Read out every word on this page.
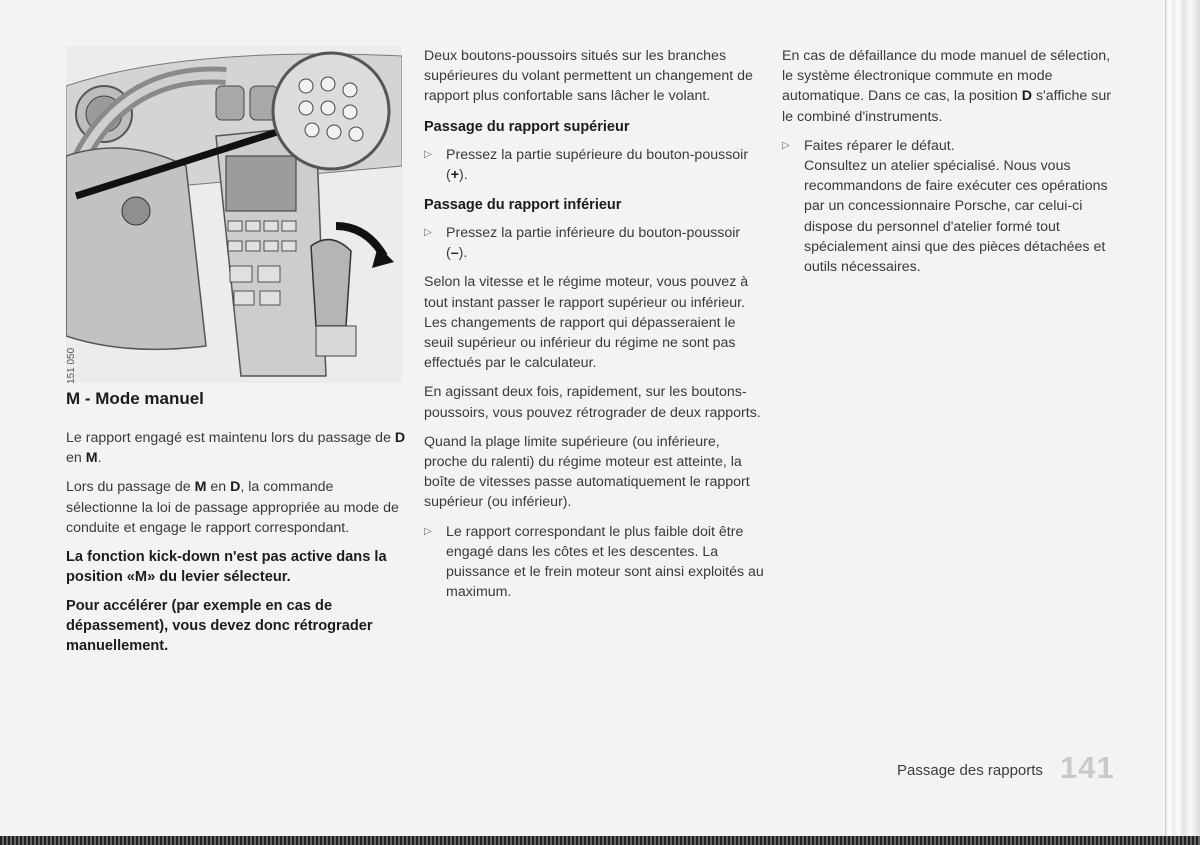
151 050
M - Mode manuel

Le rapport engagé est maintenu lors du passage de D en M.

Lors du passage de M en D, la commande sélectionne la loi de passage appropriée au mode de conduite et engage le rapport correspondant.

La fonction kick-down n'est pas active dans la position «M» du levier sélecteur.

Pour accélérer (par exemple en cas de dépassement), vous devez donc rétrograder manuellement.

Deux boutons-poussoirs situés sur les branches supérieures du volant permettent un changement de rapport plus confortable sans lâcher le volant.

Passage du rapport supérieur

▷ Pressez la partie supérieure du bouton-poussoir (+).

Passage du rapport inférieur

▷ Pressez la partie inférieure du bouton-poussoir (–).

Selon la vitesse et le régime moteur, vous pouvez à tout instant passer le rapport supérieur ou inférieur.

Les changements de rapport qui dépasseraient le seuil supérieur ou inférieur du régime ne sont pas effectués par le calculateur.

En agissant deux fois, rapidement, sur les boutons-poussoirs, vous pouvez rétrograder de deux rapports.

Quand la plage limite supérieure (ou inférieure, proche du ralenti) du régime moteur est atteinte, la boîte de vitesses passe automatiquement le rapport supérieur (ou inférieur).

▷ Le rapport correspondant le plus faible doit être engagé dans les côtes et les descentes. La puissance et le frein moteur sont ainsi exploités au maximum.

En cas de défaillance du mode manuel de sélection, le système électronique commute en mode automatique. Dans ce cas, la position D s'affiche sur le combiné d'instruments.

▷ Faites réparer le défaut.
Consultez un atelier spécialisé. Nous vous recommandons de faire exécuter ces opérations par un concessionnaire Porsche, car celui-ci dispose du personnel d'atelier formé tout spécialement ainsi que des pièces détachées et outils nécessaires.
Passage des rapports 141
